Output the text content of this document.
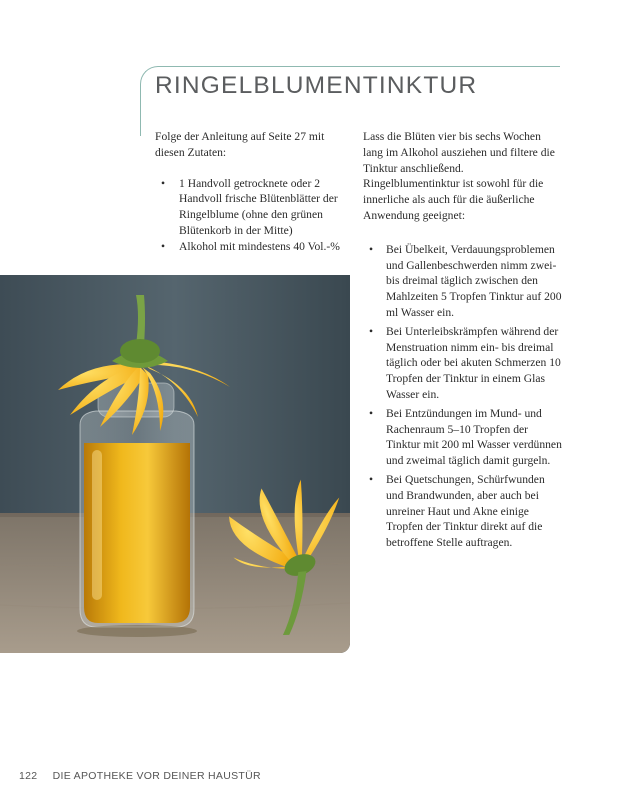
RINGELBLUMENTINKTUR

Folge der Anleitung auf Seite 27 mit diesen Zutaten:

• 1 Handvoll getrocknete oder 2 Handvoll frische Blütenblätter der Ringelblume (ohne den grünen Blütenkorb in der Mitte)
• Alkohol mit mindestens 40 Vol.-%

Lass die Blüten vier bis sechs Wochen lang im Alkohol ausziehen und filtere die Tinktur anschließend. Ringelblumentinktur ist sowohl für die innerliche als auch für die äußerliche Anwendung geeignet:

• Bei Übelkeit, Verdauungsproblemen und Gallenbeschwerden nimm zwei- bis dreimal täglich zwischen den Mahlzeiten 5 Tropfen Tinktur auf 200 ml Wasser ein.
• Bei Unterleibskrämpfen während der Menstruation nimm ein- bis dreimal täglich oder bei akuten Schmerzen 10 Tropfen der Tinktur in einem Glas Wasser ein.
• Bei Entzündungen im Mund- und Rachenraum 5–10 Tropfen der Tinktur mit 200 ml Wasser verdünnen und zweimal täglich damit gurgeln.
• Bei Quetschungen, Schürfwunden und Brandwunden, aber auch bei unreiner Haut und Akne einige Tropfen der Tinktur direkt auf die betroffene Stelle auftragen.
122 DIE APOTHEKE VOR DEINER HAUSTÜR
